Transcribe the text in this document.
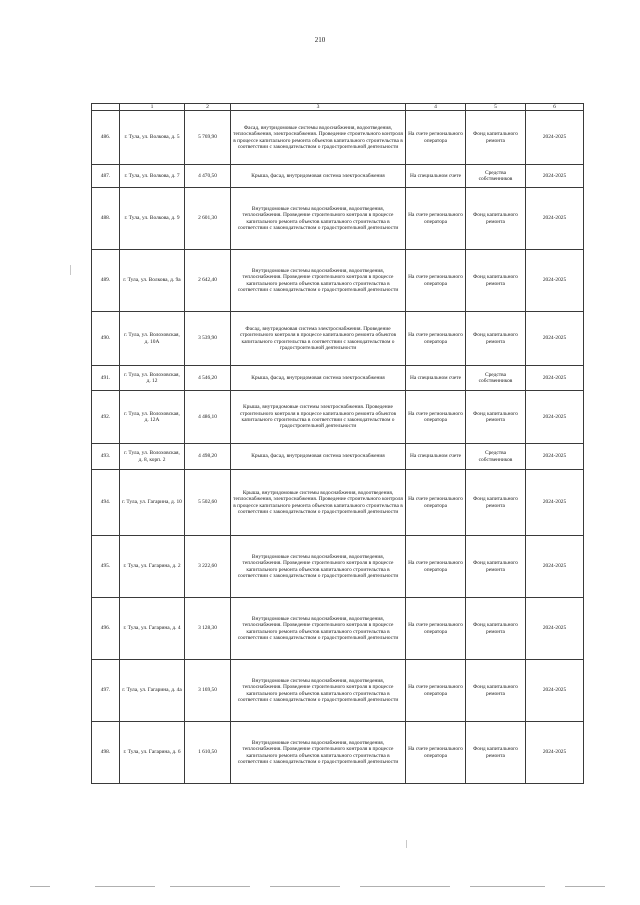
210
	1	2	3	4	5	6
486.	г. Тула, ул. Волкова, д. 5	5 769,90	Фасад, внутридомовые системы водоснабжения, водоотведения, теплоснабжения, электроснабжения. Проведение строительного контроля в процессе капитального ремонта объектов капитального строительства в соответствии с законодательством о градостроительной деятельности	На счете регионального оператора	Фонд капитального ремонта	2024-2025
487.	г. Тула, ул. Волкова, д. 7	4 470,50	Крыша, фасад, внутридомовая система электроснабжения	На специальном счете	Средства собственников	2024-2025
488.	г. Тула, ул. Волкова, д. 9	2 601,30	Внутридомовые системы водоснабжения, водоотведения, теплоснабжения. Проведение строительного контроля в процессе капитального ремонта объектов капитального строительства в соответствии с законодательством о градостроительной деятельности	На счете регионального оператора	Фонд капитального ремонта	2024-2025
489.	г. Тула, ул. Волкова, д. 9а	2 642,40	Внутридомовые системы водоснабжения, водоотведения, теплоснабжения. Проведение строительного контроля в процессе капитального ремонта объектов капитального строительства в соответствии с законодательством о градостроительной деятельности	На счете регионального оператора	Фонд капитального ремонта	2024-2025
490.	г. Тула, ул. Волоховская, д. 10А	3 539,90	Фасад, внутридомовая система электроснабжения. Проведение строительного контроля в процессе капитального ремонта объектов капитального строительства в соответствии с законодательством о градостроительной деятельности	На счете регионального оператора	Фонд капитального ремонта	2024-2025
491.	г. Тула, ул. Волоховская, д. 12	4 546,20	Крыша, фасад, внутридомовая система электроснабжения	На специальном счете	Средства собственников	2024-2025
492.	г. Тула, ул. Волоховская, д. 12А	4 486,10	Крыша, внутридомовые системы электроснабжения. Проведение строительного контроля в процессе капитального ремонта объектов капитального строительства в соответствии с законодательством о градостроительной деятельности	На счете регионального оператора	Фонд капитального ремонта	2024-2025
493.	г. Тула, ул. Волоховская, д. 8, корп. 2	4 498,20	Крыша, фасад, внутридомовая система электроснабжения	На специальном счете	Средства собственников	2024-2025
494.	г. Тула, ул. Гагарина, д. 10	5 502,60	Крыша, внутридомовые системы водоснабжения, водоотведения, теплоснабжения, электроснабжения. Проведение строительного контроля в процессе капитального ремонта объектов капитального строительства в соответствии с законодательством о градостроительной деятельности	На счете регионального оператора	Фонд капитального ремонта	2024-2025
495.	г. Тула, ул. Гагарина, д. 2	3 222,60	Внутридомовые системы водоснабжения, водоотведения, теплоснабжения. Проведение строительного контроля в процессе капитального ремонта объектов капитального строительства в соответствии с законодательством о градостроительной деятельности	На счете регионального оператора	Фонд капитального ремонта	2024-2025
496.	г. Тула, ул. Гагарина, д. 4	3 128,30	Внутридомовые системы водоснабжения, водоотведения, теплоснабжения. Проведение строительного контроля в процессе капитального ремонта объектов капитального строительства в соответствии с законодательством о градостроительной деятельности	На счете регионального оператора	Фонд капитального ремонта	2024-2025
497.	г. Тула, ул. Гагарина, д. 4а	3 169,50	Внутридомовые системы водоснабжения, водоотведения, теплоснабжения. Проведение строительного контроля в процессе капитального ремонта объектов капитального строительства в соответствии с законодательством о градостроительной деятельности	На счете регионального оператора	Фонд капитального ремонта	2024-2025
498.	г. Тула, ул. Гагарина, д. 6	1 610,50	Внутридомовые системы водоснабжения, водоотведения, теплоснабжения. Проведение строительного контроля в процессе капитального ремонта объектов капитального строительства в соответствии с законодательством о градостроительной деятельности	На счете регионального оператора	Фонд капитального ремонта	2024-2025
